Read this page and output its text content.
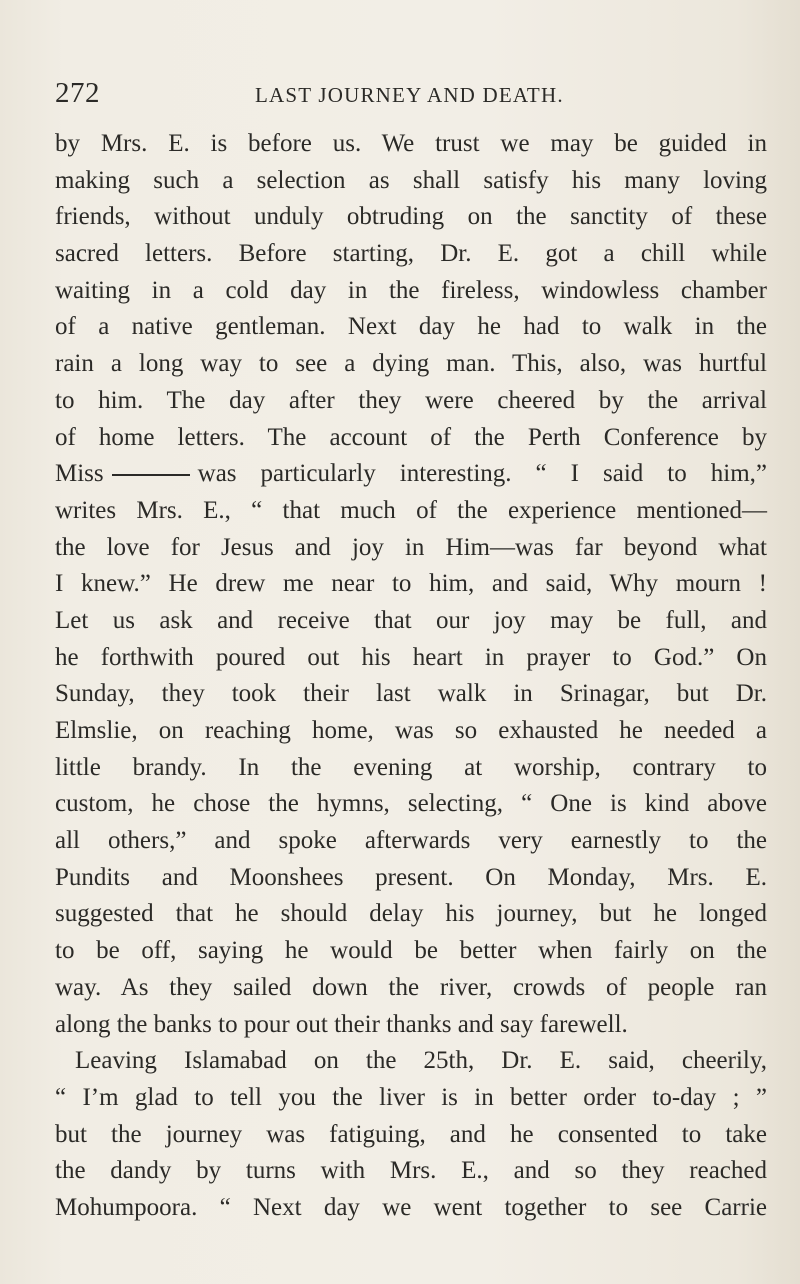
272	LAST JOURNEY AND DEATH.
by Mrs. E. is before us. We trust we may be guided in
making such a selection as shall satisfy his many loving
friends, without unduly obtruding on the sanctity of these
sacred letters. Before starting, Dr. E. got a chill while
waiting in a cold day in the fireless, windowless chamber
of a native gentleman. Next day he had to walk in the
rain a long way to see a dying man. This, also, was hurtful
to him. The day after they were cheered by the arrival
of home letters. The account of the Perth Conference by
Miss	was particularly interesting. “ I said to him,”
writes Mrs. E., “ that much of the experience mentioned—
the love for Jesus and joy in Him—was far beyond what
I knew.” He drew me near to him, and said, Why mourn !
Let us ask and receive that our joy may be full, and
he forthwith poured out his heart in prayer to God.” On
Sunday, they took their last walk in Srinagar, but Dr.
Elmslie, on reaching home, was so exhausted he needed a
little brandy. In the evening at worship, contrary to
custom, he chose the hymns, selecting, “ One is kind above
all others,” and spoke afterwards very earnestly to the
Pundits and Moonshees present. On Monday, Mrs. E.
suggested that he should delay his journey, but he longed
to be off, saying he would be better when fairly on the
way. As they sailed down the river, crowds of people ran
along the banks to pour out their thanks and say farewell.
Leaving Islamabad on the 25th, Dr. E. said, cheerily,
“ I’m glad to tell you the liver is in better order to-day ; ”
but the journey was fatiguing, and he consented to take
the dandy by turns with Mrs. E., and so they reached
Mohumpoora. “ Next day we went together to see Carrie
